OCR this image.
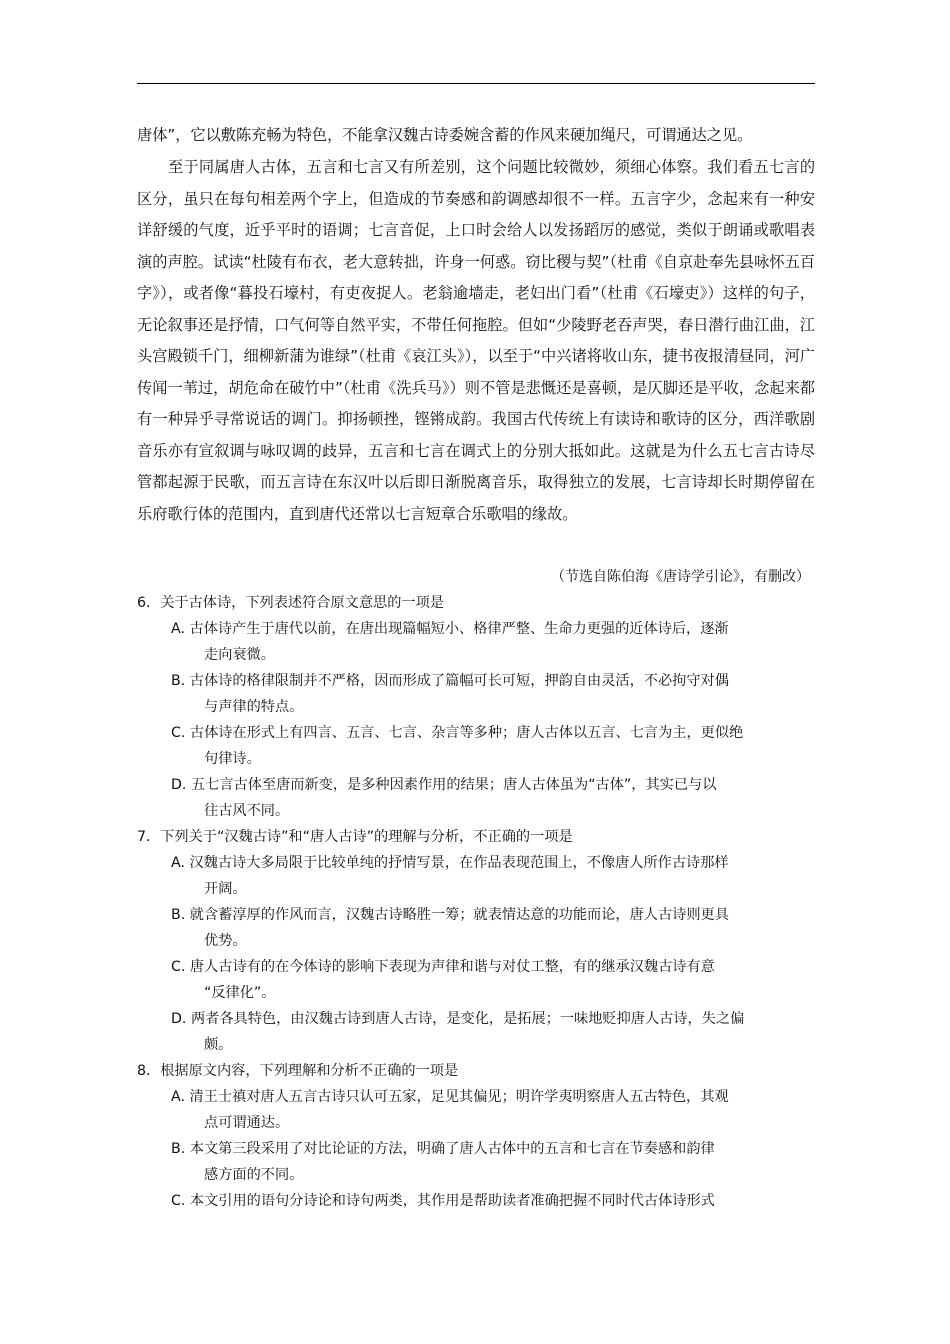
唐体”，它以敷陈充畅为特色，不能拿汉魏古诗委婉含蓄的作风来硬加绳尺，可谓通达之见。

至于同属唐人古体，五言和七言又有所差别，这个问题比较微妙，须细心体察。我们看五七言的区分，虽只在每句相差两个字上，但造成的节奏感和韵调感却很不一样。五言字少，念起来有一种安详舒缓的气度，近乎平时的语调；七言音促，上口时会给人以发扬蹈厉的感觉，类似于朗诵或歌唱表演的声腔。试读“杜陵有布衣，老大意转拙，许身一何惑。窃比稷与契”（杜甫《自京赴奉先县咏怀五百字》），或者像“暮投石壕村，有吏夜捉人。老翁逾墙走，老妇出门看”（杜甫《石壕吏》）这样的句子，无论叙事还是抒情，口气何等自然平实，不带任何拖腔。但如“少陵野老吞声哭，春日潜行曲江曲，江头宫殿锁千门，细柳新蒲为谁绿”（杜甫《哀江头》），以至于“中兴诸将收山东，捷书夜报清昼同，河广传闻一苇过，胡危命在破竹中”（杜甫《洗兵马》）则不管是悲慨还是喜顿，是仄脚还是平收，念起来都有一种异乎寻常说话的调门。抑扬顿挫，铿锵成韵。我国古代传统上有读诗和歌诗的区分，西洋歌剧音乐亦有宣叙调与咏叹调的歧异，五言和七言在调式上的分别大抵如此。这就是为什么五七言古诗尽管都起源于民歌，而五言诗在东汉叶以后即日渐脱离音乐，取得独立的发展，七言诗却长时期停留在乐府歌行体的范围内，直到唐代还常以七言短章合乐歌唱的缘故。

（节选自陈伯海《唐诗学引论》，有删改）
6．关于古体诗，下列表述符合原文意思的一项是
A. 古体诗产生于唐代以前，在唐出现篇幅短小、格律严整、生命力更强的近体诗后，逐渐
走向衰微。
B. 古体诗的格律限制并不严格，因而形成了篇幅可长可短，押韵自由灵活，不必拘守对偶
与声律的特点。
C. 古体诗在形式上有四言、五言、七言、杂言等多种；唐人古体以五言、七言为主，更似绝
句律诗。
D. 五七言古体至唐而新变，是多种因素作用的结果；唐人古体虽为“古体”，其实已与以
往古风不同。
7．下列关于“汉魏古诗”和“唐人古诗”的理解与分析，不正确的一项是
A. 汉魏古诗大多局限于比较单纯的抒情写景，在作品表现范围上，不像唐人所作古诗那样
开阔。
B. 就含蓄淳厚的作风而言，汉魏古诗略胜一筹；就表情达意的功能而论，唐人古诗则更具
优势。
C. 唐人古诗有的在今体诗的影响下表现为声律和谐与对仗工整，有的继承汉魏古诗有意
“反律化”。
D. 两者各具特色，由汉魏古诗到唐人古诗，是变化，是拓展；一味地贬抑唐人古诗，失之偏
颇。
8．根据原文内容，下列理解和分析不正确的一项是
A. 清王士禛对唐人五言古诗只认可五家，足见其偏见；明许学夷明察唐人五古特色，其观
点可谓通达。
B. 本文第三段采用了对比论证的方法，明确了唐人古体中的五言和七言在节奏感和韵律
感方面的不同。
C. 本文引用的语句分诗论和诗句两类，其作用是帮助读者准确把握不同时代古体诗形式
